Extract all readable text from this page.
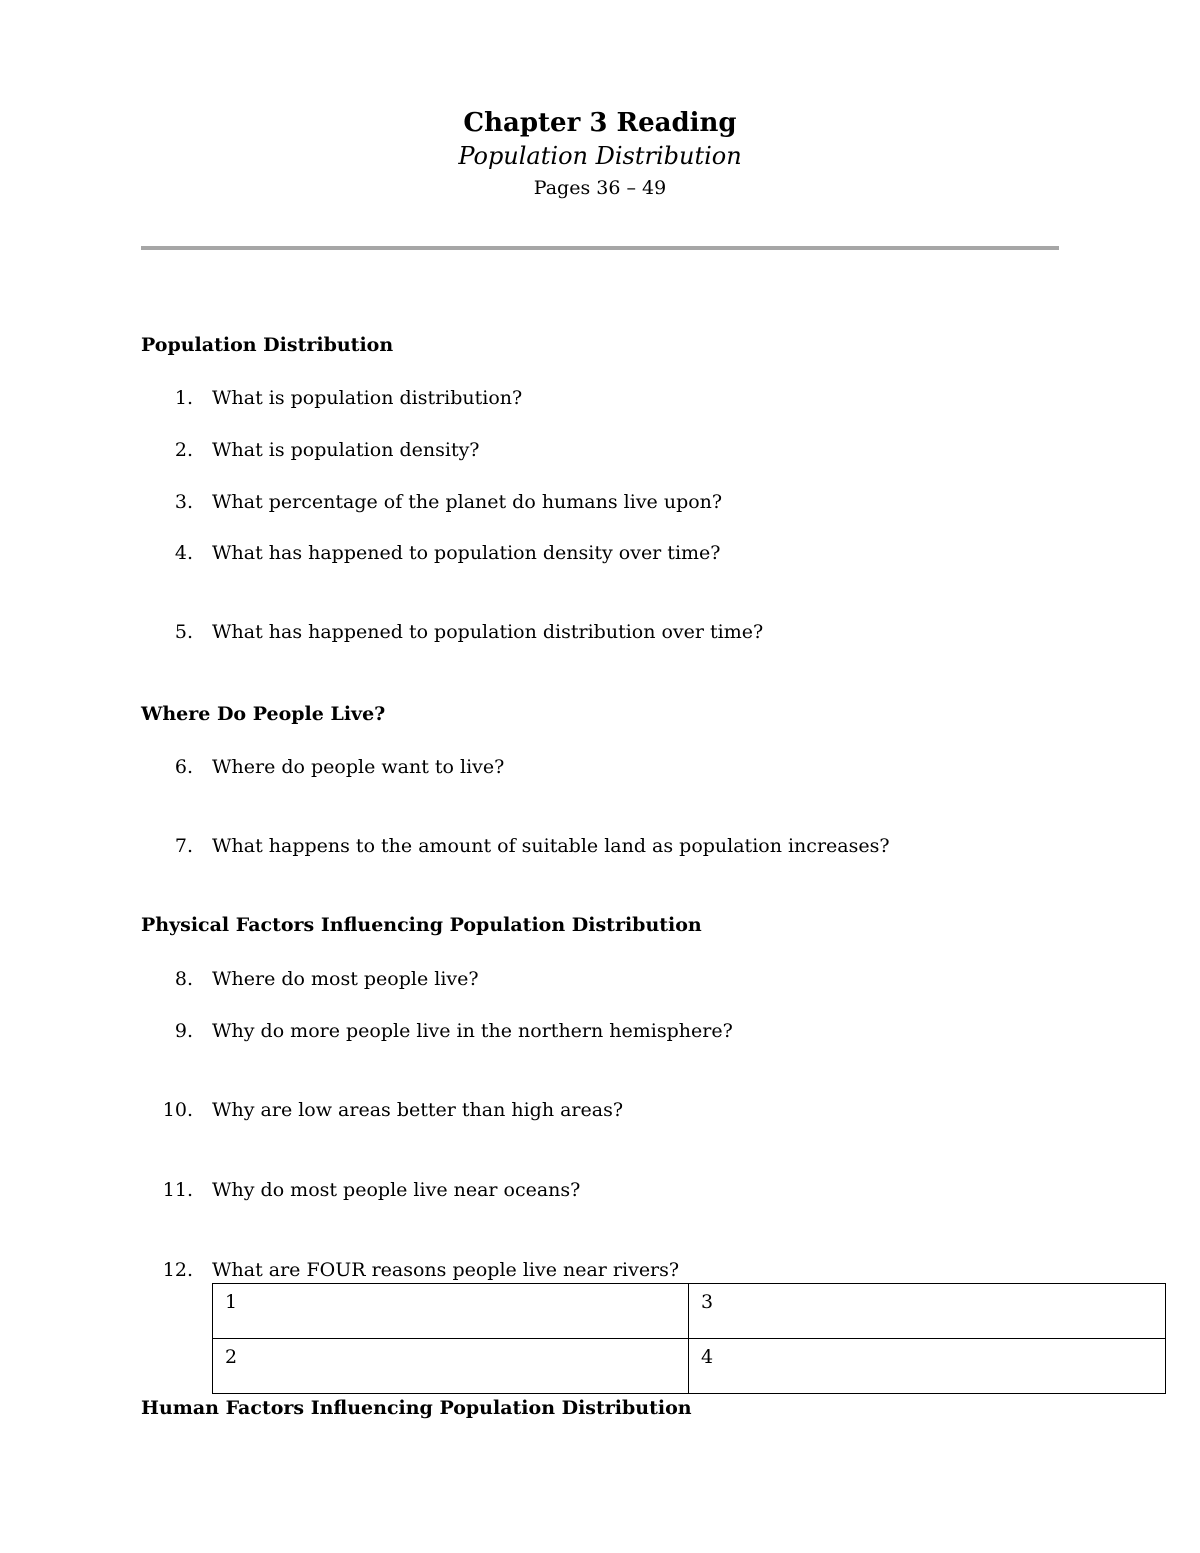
Chapter 3 Reading
Population Distribution
Pages 36 – 49
Population Distribution
1. What is population distribution?
2. What is population density?
3. What percentage of the planet do humans live upon?
4. What has happened to population density over time?
5. What has happened to population distribution over time?
Where Do People Live?
6. Where do people want to live?
7. What happens to the amount of suitable land as population increases?
Physical Factors Influencing Population Distribution
8. Where do most people live?
9. Why do more people live in the northern hemisphere?
10. Why are low areas better than high areas?
11. Why do most people live near oceans?
12. What are FOUR reasons people live near rivers?
1	3
2	4
Human Factors Influencing Population Distribution
